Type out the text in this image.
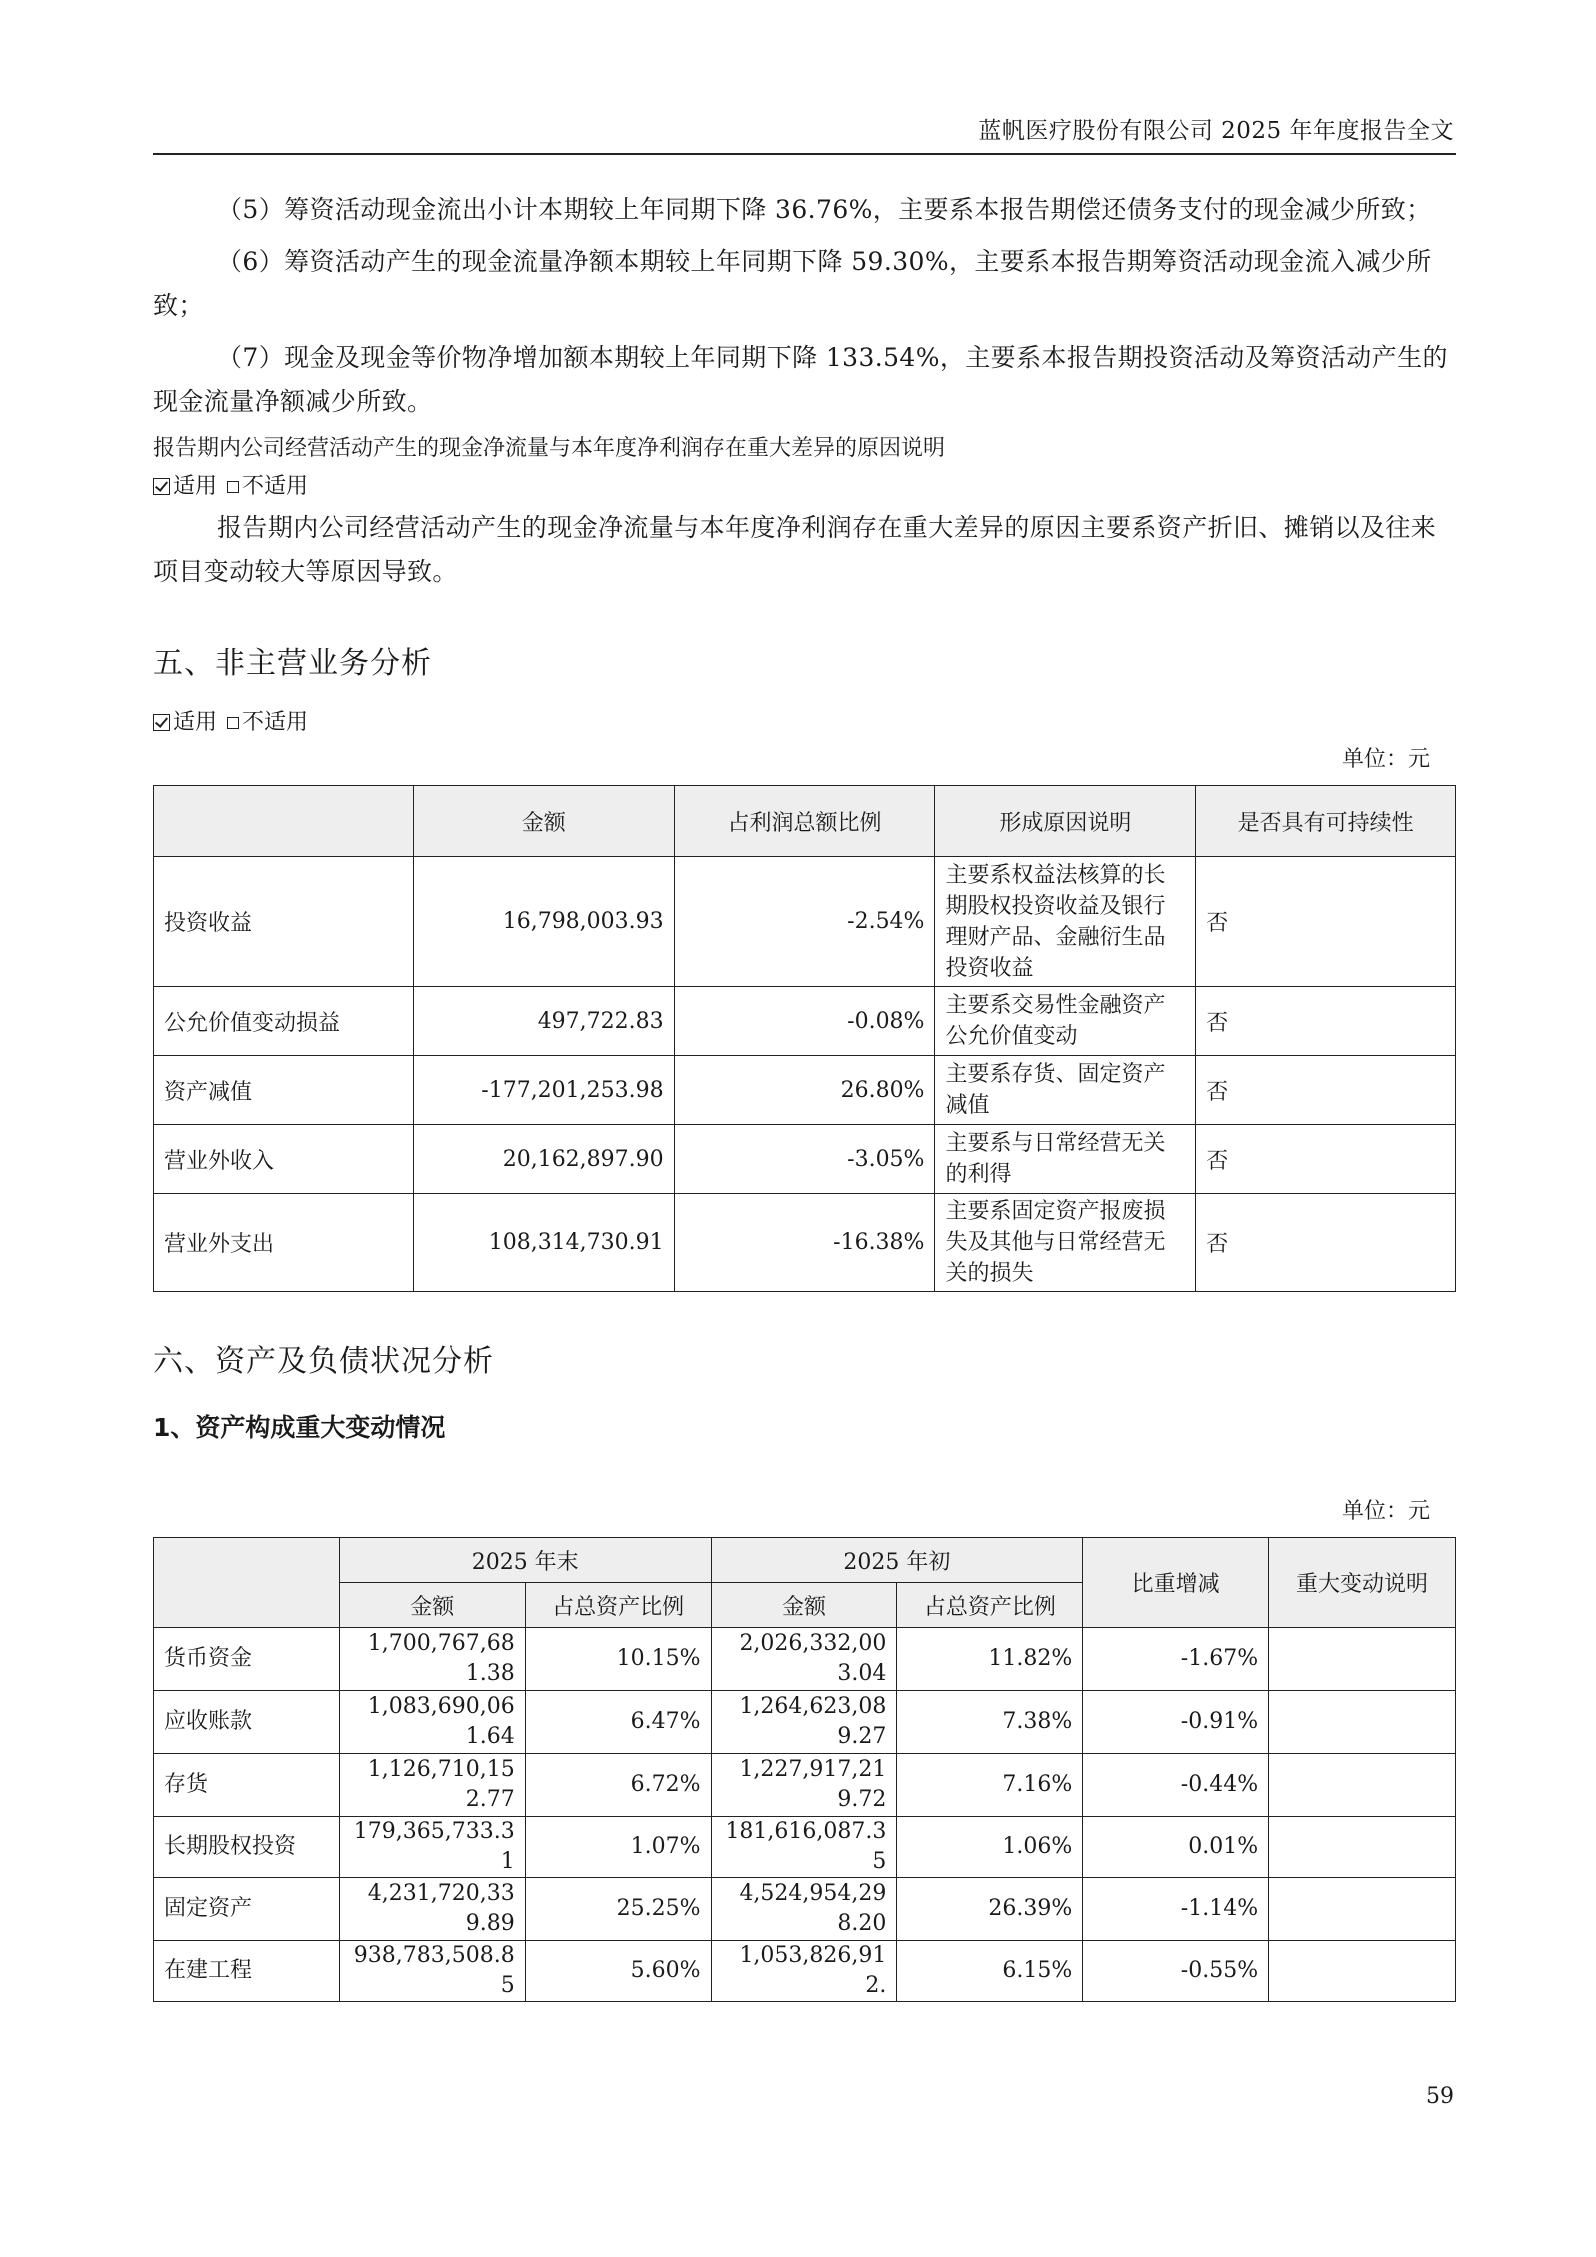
蓝帆医疗股份有限公司 2025 年年度报告全文

（5）筹资活动现金流出小计本期较上年同期下降 36.76%，主要系本报告期偿还债务支付的现金减少所致；

（6）筹资活动产生的现金流量净额本期较上年同期下降 59.30%，主要系本报告期筹资活动现金流入减少所致；

（7）现金及现金等价物净增加额本期较上年同期下降 133.54%，主要系本报告期投资活动及筹资活动产生的现金流量净额减少所致。

报告期内公司经营活动产生的现金净流量与本年度净利润存在重大差异的原因说明

适用 不适用

报告期内公司经营活动产生的现金净流量与本年度净利润存在重大差异的原因主要系资产折旧、摊销以及往来项目变动较大等原因导致。

五、非主营业务分析

适用 不适用

单位：元
	金额	占利润总额比例	形成原因说明	是否具有可持续性
投资收益	16,798,003.93	-2.54%	主要系权益法核算的长期股权投资收益及银行理财产品、金融衍生品投资收益	否
公允价值变动损益	497,722.83	-0.08%	主要系交易性金融资产公允价值变动	否
资产减值	-177,201,253.98	26.80%	主要系存货、固定资产减值	否
营业外收入	20,162,897.90	-3.05%	主要系与日常经营无关的利得	否
营业外支出	108,314,730.91	-16.38%	主要系固定资产报废损失及其他与日常经营无关的损失	否
六、资产及负债状况分析
1、资产构成重大变动情况
单位：元
	2025 年末		2025 年初		比重增减	重大变动说明
	金额	占总资产比例	金额	占总资产比例		
货币资金	1,700,767,681.38	10.15%	2,026,332,003.04	11.82%	-1.67%	
应收账款	1,083,690,061.64	6.47%	1,264,623,089.27	7.38%	-0.91%	
存货	1,126,710,152.77	6.72%	1,227,917,219.72	7.16%	-0.44%	
长期股权投资	179,365,733.31	1.07%	181,616,087.35	1.06%	0.01%	
固定资产	4,231,720,339.89	25.25%	4,524,954,298.20	26.39%	-1.14%	
在建工程	938,783,508.85	5.60%	1,053,826,912.	6.15%	-0.55%	
59
